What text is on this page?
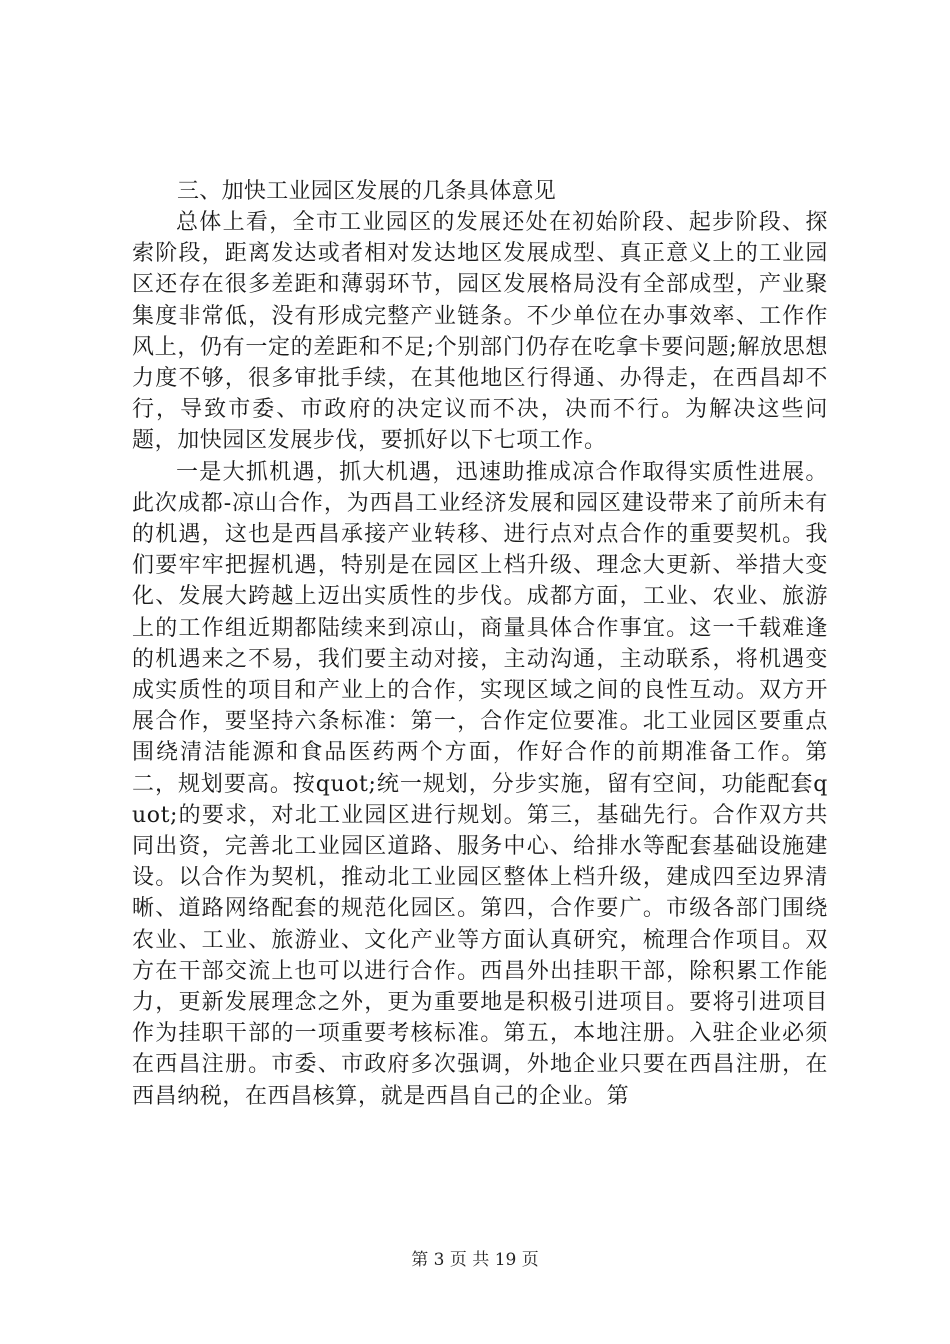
三、加快工业园区发展的几条具体意见

总体上看，全市工业园区的发展还处在初始阶段、起步阶段、探索阶段，距离发达或者相对发达地区发展成型、真正意义上的工业园区还存在很多差距和薄弱环节，园区发展格局没有全部成型，产业聚集度非常低，没有形成完整产业链条。不少单位在办事效率、工作作风上，仍有一定的差距和不足;个别部门仍存在吃拿卡要问题;解放思想力度不够，很多审批手续，在其他地区行得通、办得走，在西昌却不行，导致市委、市政府的决定议而不决，决而不行。为解决这些问题，加快园区发展步伐，要抓好以下七项工作。

一是大抓机遇，抓大机遇，迅速助推成凉合作取得实质性进展。此次成都-凉山合作，为西昌工业经济发展和园区建设带来了前所未有的机遇，这也是西昌承接产业转移、进行点对点合作的重要契机。我们要牢牢把握机遇，特别是在园区上档升级、理念大更新、举措大变化、发展大跨越上迈出实质性的步伐。成都方面，工业、农业、旅游上的工作组近期都陆续来到凉山，商量具体合作事宜。这一千载难逢的机遇来之不易，我们要主动对接，主动沟通，主动联系，将机遇变成实质性的项目和产业上的合作，实现区域之间的良性互动。双方开展合作，要坚持六条标准：第一，合作定位要准。北工业园区要重点围绕清洁能源和食品医药两个方面，作好合作的前期准备工作。第二，规划要高。按quot;统一规划，分步实施，留有空间，功能配套quot;的要求，对北工业园区进行规划。第三，基础先行。合作双方共同出资，完善北工业园区道路、服务中心、给排水等配套基础设施建设。以合作为契机，推动北工业园区整体上档升级，建成四至边界清晰、道路网络配套的规范化园区。第四，合作要广。市级各部门围绕农业、工业、旅游业、文化产业等方面认真研究，梳理合作项目。双方在干部交流上也可以进行合作。西昌外出挂职干部，除积累工作能力，更新发展理念之外，更为重要地是积极引进项目。要将引进项目作为挂职干部的一项重要考核标准。第五，本地注册。入驻企业必须在西昌注册。市委、市政府多次强调，外地企业只要在西昌注册，在西昌纳税，在西昌核算，就是西昌自己的企业。第

第 3 页 共 19 页
